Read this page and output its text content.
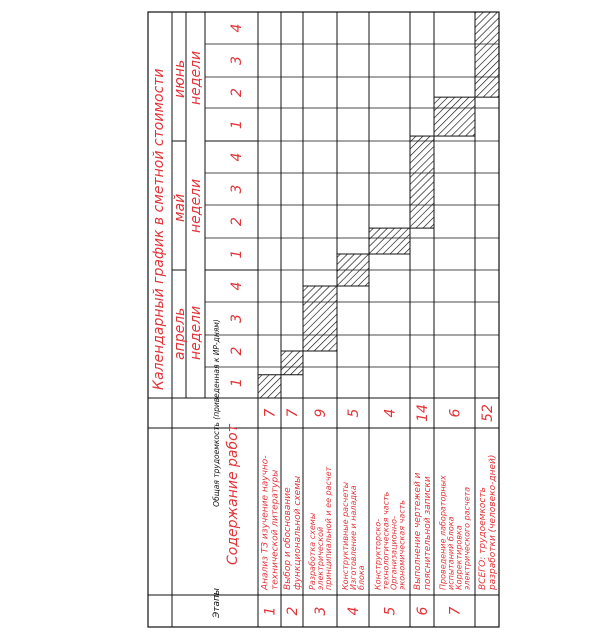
Календарный график в сметной стоимости апрель
май
июнь
недели
недели
недели
1
2
3
4
1
2
3
4
1
2
3
4
Этапы
Содержание работ
Общая трудоемкость (приведенная к ИР-дням)
1
Анализ ТЗ изучение научно- технической литературы
7
2
Выбор и обоснование функциональной схемы
7
3
Разработка схемы электрической принципиальной и ее расчет
9
4
Конструктивные расчеты Изготовление и наладка блока
5
5
Конструкторско- технологическая часть Организационно- экономическая часть
4
6
Выполнение чертежей и пояснительной записки
14
7
Проведение лабораторных испытаний блока Корректировка электрического расчета
6
ВСЕГО: трудоемкость разработки (человеко-дней)
52
